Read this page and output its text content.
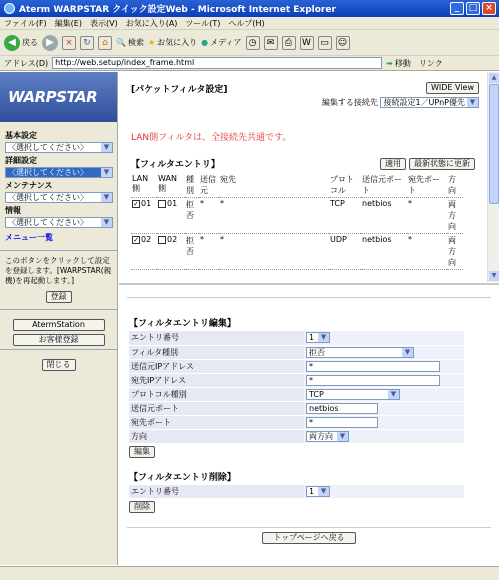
Aterm WARPSTAR クイック設定Web - Microsoft Internet Explorer	_	□ ×
ファイル(F) 編集(E) 表示(V) お気に入り(A) ツール(T) ヘルプ(H)
◀ 戻る ▶	×	↻	⌂	🔍 検索 ★ お気に入り ● メディア ◷	✉	⎙	W	▭	☺
アドレス(D) http://web.setup/index_frame.html	➡ 移動 リンク
WARPSTAR
基本設定
〈選択してください〉	▼
詳細設定
〈選択してください〉	▼
メンテナンス
〈選択してください〉	▼
情報
〈選択してください〉	▼
メニュー一覧
このボタンをクリックして設定を登録します。[WARPSTAR(親機)を再起動します。]
登録
AtermStation
お客様登録
閉じる
[パケットフィルタ設定]	WIDE View
編集する接続先 接続設定1／UPnP優先 ▼
LAN側フィルタは、全接続先共通です。
【フィルタエントリ】	適用 最新状態に更新
LAN側	WAN側	種別	送信元	宛先	プロトコル	送信元ポート	宛先ポート	方向
✓ 01	01	拒否	*	*	TCP	netbios	*	両方向
✓ 02	02	拒否	*	*	UDP	netbios	*	両方向
▲
▼
【フィルタエントリ編集】
エントリ番号	1 ▼

フィルタ種別	拒否 ▼

送信元IPアドレス	*
宛先IPアドレス	*
プロトコル種別	TCP ▼

送信元ポート	netbios
宛先ポート	*
方向	両方向 ▼
編集
【フィルタエントリ削除】
エントリ番号	1 ▼
削除
トップページへ戻る
